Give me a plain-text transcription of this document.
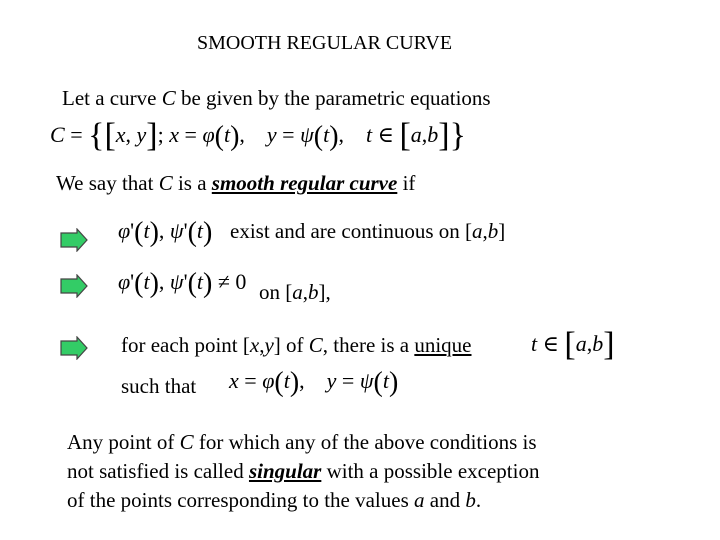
SMOOTH REGULAR CURVE
Let a curve C be given by the parametric equations
C = {[x, y]; x = φ(t), y = ψ(t), t ∈ [a,b]}
We say that C is a smooth regular curve if
φ'(t), ψ'(t) exist and are continuous on [a,b]
φ'(t), ψ'(t) ≠ 0 on [a,b],
for each point [x,y] of C, there is a unique	t ∈ [a,b]
such that x = φ(t), y = ψ(t)
Any point of C for which any of the above conditions is
not satisfied is called singular with a possible exception
of the points corresponding to the values a and b.
